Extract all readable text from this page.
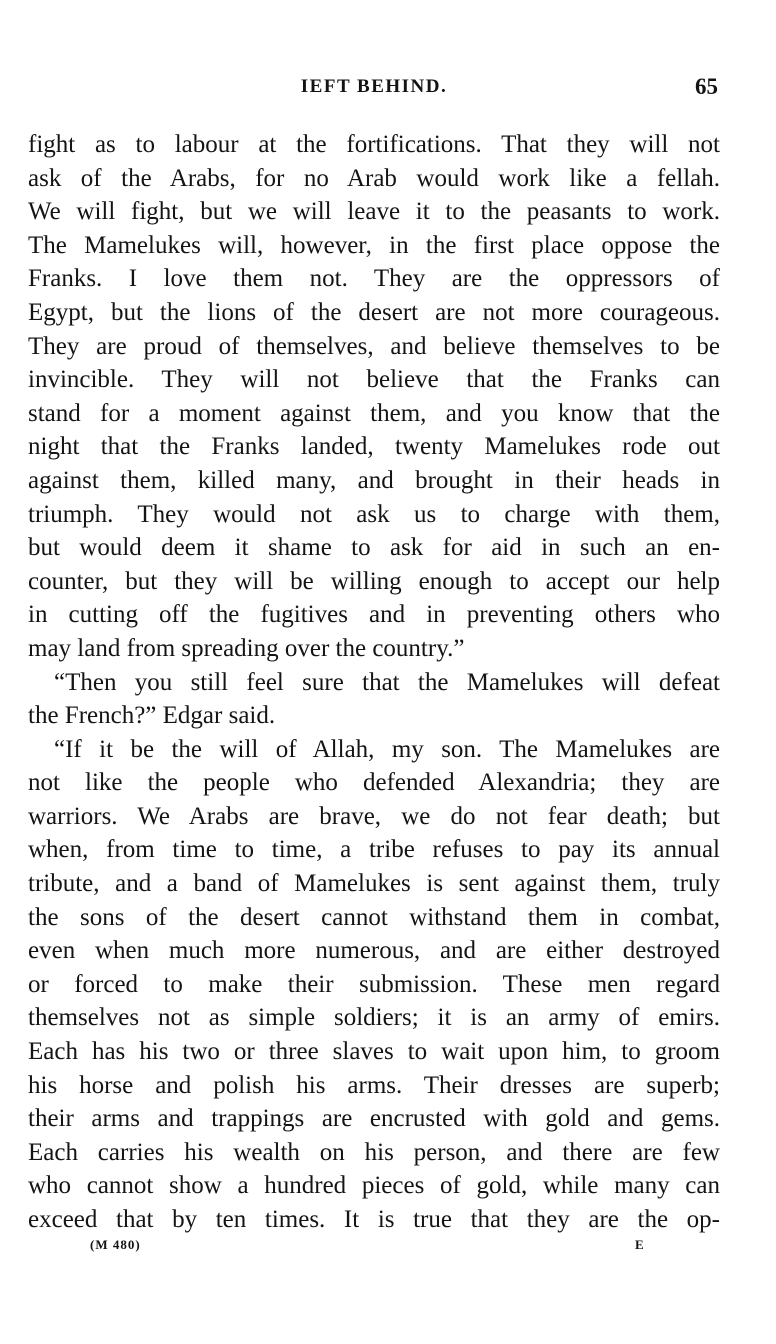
IEFT BEHIND.	65
fight as to labour at the fortifications. That they will not
ask of the Arabs, for no Arab would work like a fellah.
We will fight, but we will leave it to the peasants to work.
The Mamelukes will, however, in the first place oppose the
Franks. I love them not. They are the oppressors of
Egypt, but the lions of the desert are not more courageous.
They are proud of themselves, and believe themselves to be
invincible. They will not believe that the Franks can
stand for a moment against them, and you know that the
night that the Franks landed, twenty Mamelukes rode out
against them, killed many, and brought in their heads in
triumph. They would not ask us to charge with them,
but would deem it shame to ask for aid in such an en-
counter, but they will be willing enough to accept our help
in cutting off the fugitives and in preventing others who
may land from spreading over the country.”
“Then you still feel sure that the Mamelukes will defeat
the French?” Edgar said.
“If it be the will of Allah, my son. The Mamelukes are
not like the people who defended Alexandria; they are
warriors. We Arabs are brave, we do not fear death; but
when, from time to time, a tribe refuses to pay its annual
tribute, and a band of Mamelukes is sent against them, truly
the sons of the desert cannot withstand them in combat,
even when much more numerous, and are either destroyed
or forced to make their submission. These men regard
themselves not as simple soldiers; it is an army of emirs.
Each has his two or three slaves to wait upon him, to groom
his horse and polish his arms. Their dresses are superb;
their arms and trappings are encrusted with gold and gems.
Each carries his wealth on his person, and there are few
who cannot show a hundred pieces of gold, while many can
exceed that by ten times. It is true that they are the op-
(M 480)	E
